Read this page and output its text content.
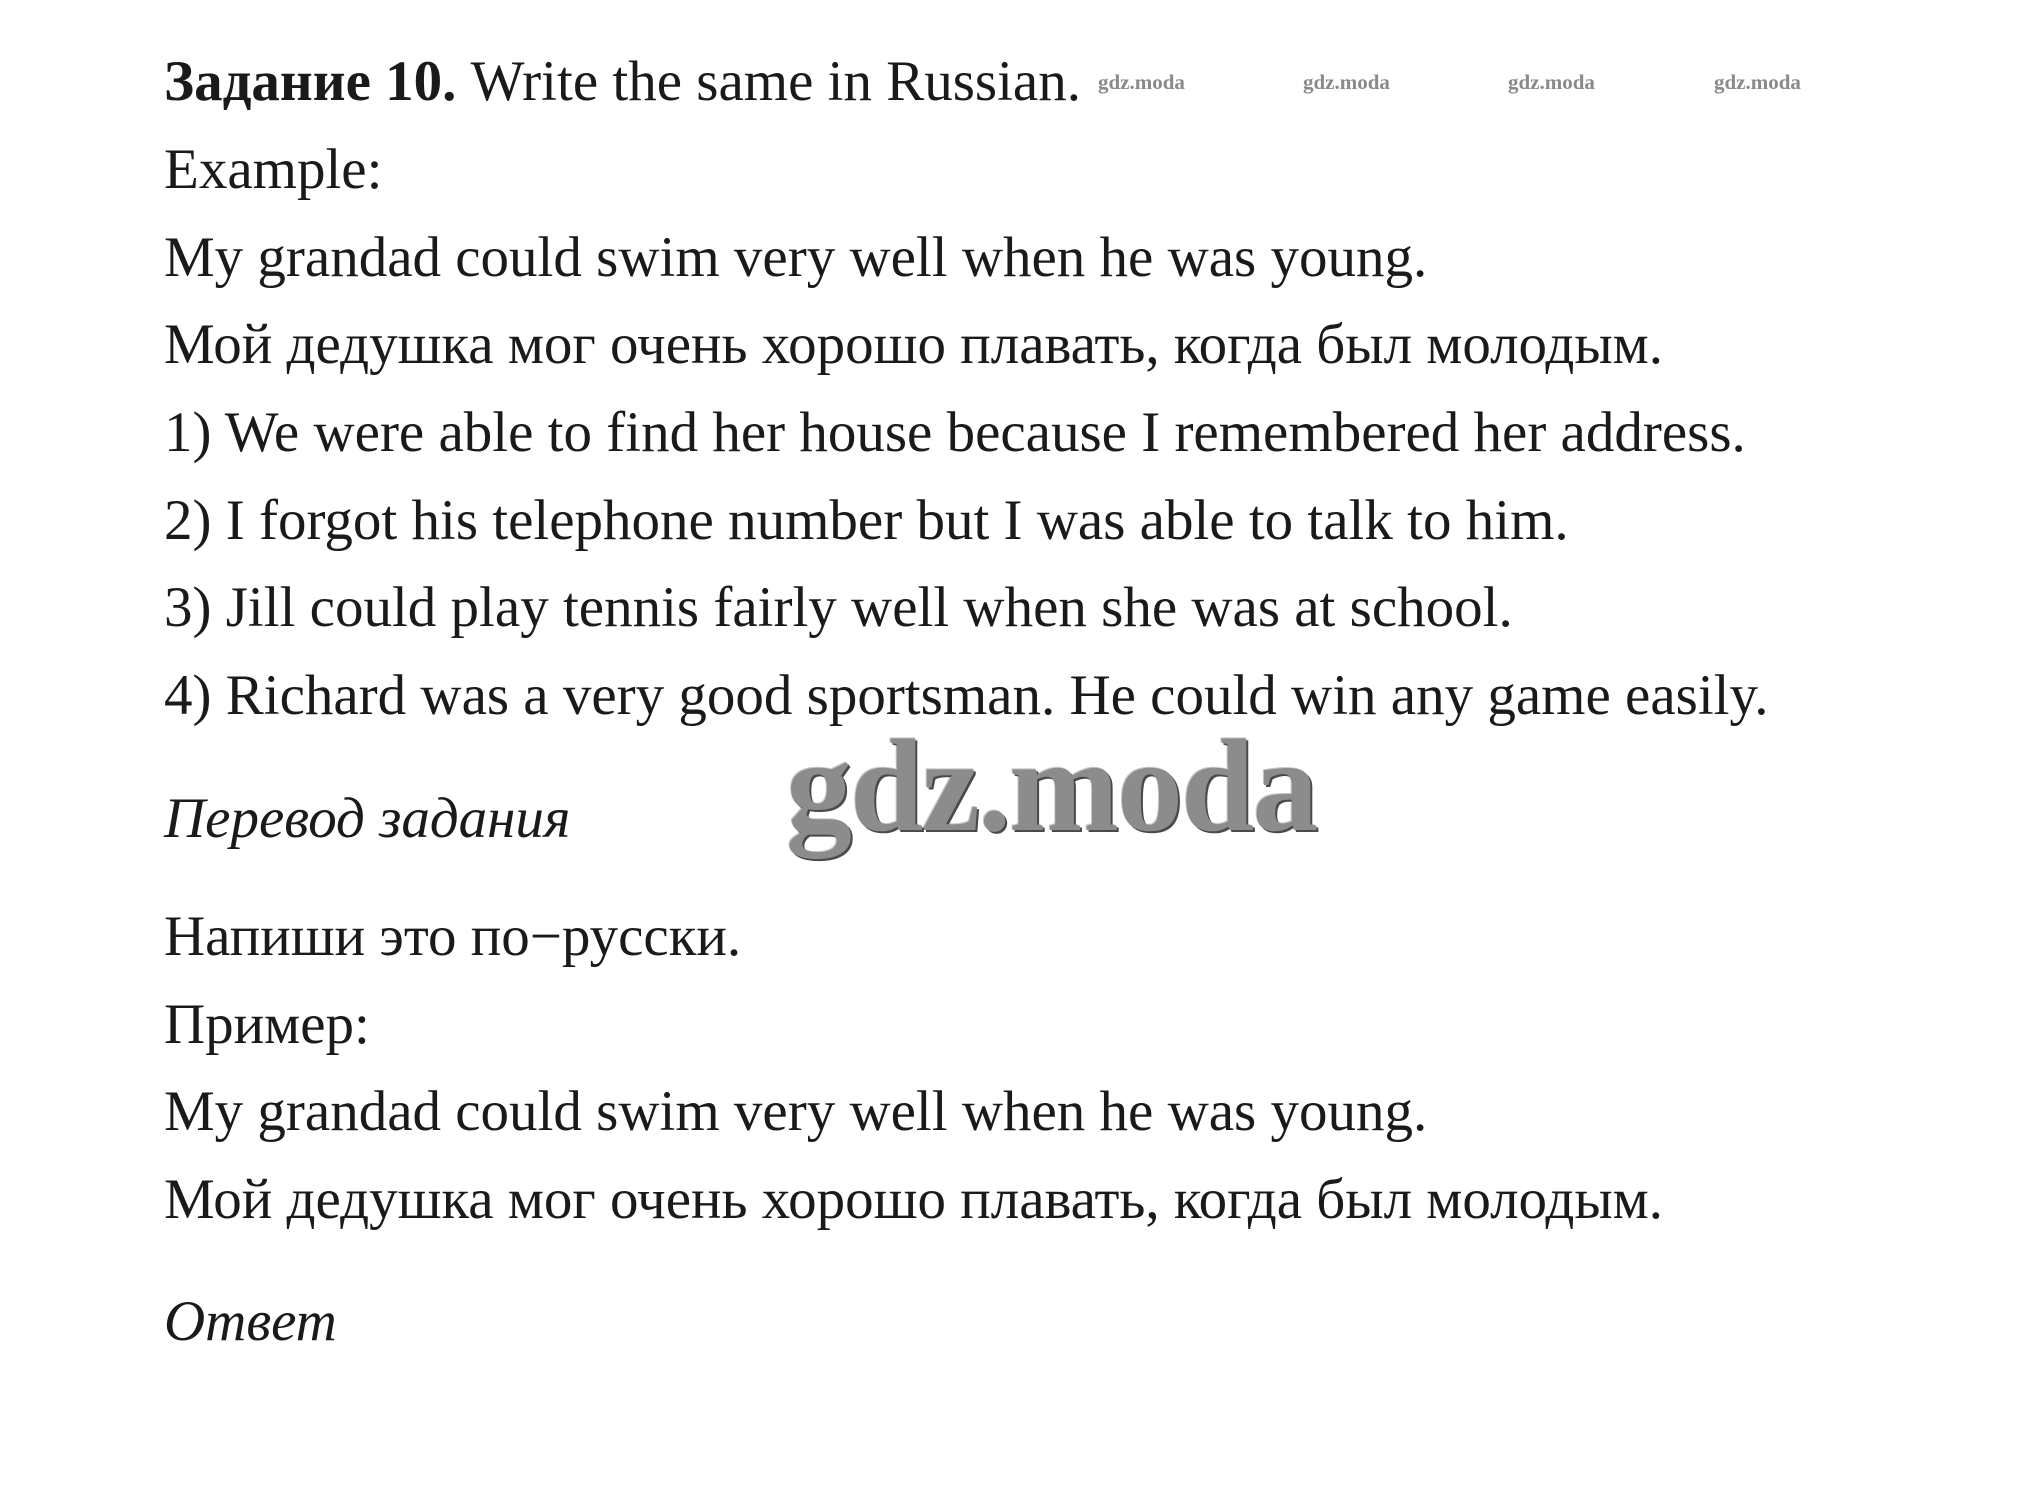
Задание 10. Write the same in Russian.
Example:
My grandad could swim very well when he was young.
Мой дедушка мог очень хорошо плавать, когда был молодым.
1) We were able to find her house because I remembered her address.
2) I forgot his telephone number but I was able to talk to him.
3) Jill could play tennis fairly well when she was at school.
4) Richard was a very good sportsman. He could win any game easily.
Перевод задания
Напиши это по−русски.
Пример:
My grandad could swim very well when he was young.
Мой дедушка мог очень хорошо плавать, когда был молодым.
Ответ
gdz.moda	gdz.moda	gdz.moda	gdz.moda
gdz.moda
